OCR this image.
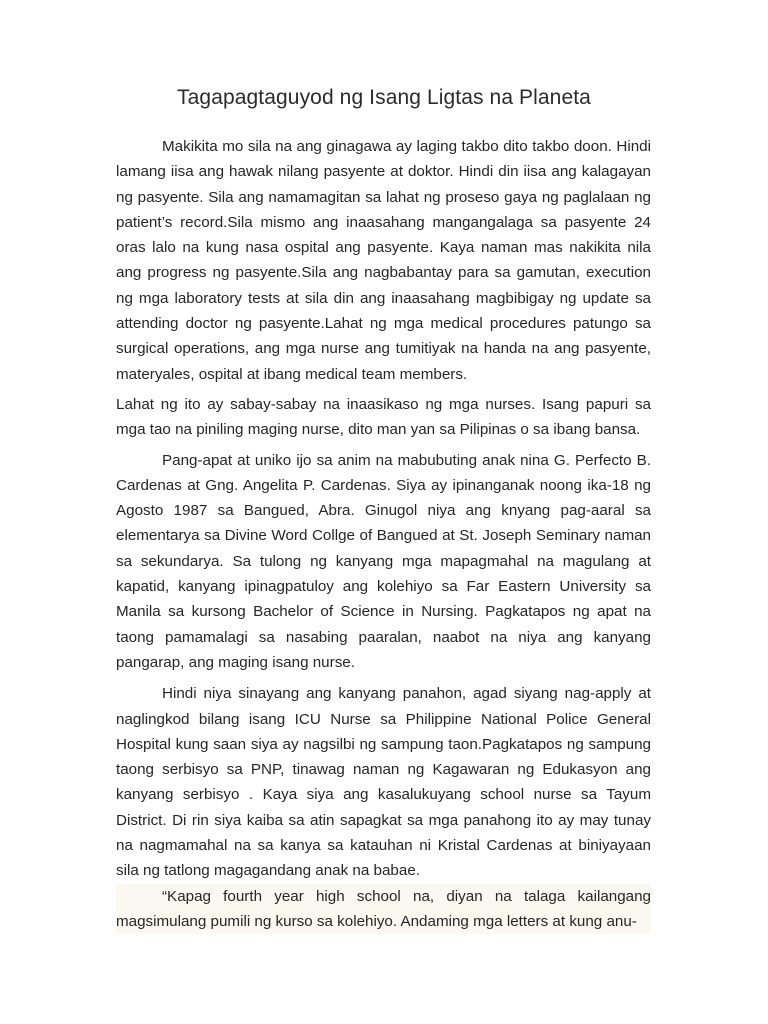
Tagapagtaguyod ng Isang Ligtas na Planeta

Makikita mo sila na ang ginagawa ay laging takbo dito takbo doon. Hindi lamang iisa ang hawak nilang pasyente at doktor. Hindi din iisa ang kalagayan ng pasyente. Sila ang namamagitan sa lahat ng proseso gaya ng paglalaan ng patient’s record.Sila mismo ang inaasahang mangangalaga sa pasyente 24 oras lalo na kung nasa ospital ang pasyente. Kaya naman mas nakikita nila ang progress ng pasyente.Sila ang nagbabantay para sa gamutan, execution ng mga laboratory tests at sila din ang inaasahang magbibigay ng update sa attending doctor ng pasyente.Lahat ng mga medical procedures patungo sa surgical operations, ang mga nurse ang tumitiyak na handa na ang pasyente, materyales, ospital at ibang medical team members.

Lahat ng ito ay sabay-sabay na inaasikaso ng mga nurses. Isang papuri sa mga tao na piniling maging nurse, dito man yan sa Pilipinas o sa ibang bansa.

Pang-apat at uniko ijo sa anim na mabubuting anak nina G. Perfecto B. Cardenas at Gng. Angelita P. Cardenas. Siya ay ipinanganak noong ika-18 ng Agosto 1987 sa Bangued, Abra. Ginugol niya ang knyang pag-aaral sa elementarya sa Divine Word Collge of Bangued at St. Joseph Seminary naman sa sekundarya. Sa tulong ng kanyang mga mapagmahal na magulang at kapatid, kanyang ipinagpatuloy ang kolehiyo sa Far Eastern University sa Manila sa kursong Bachelor of Science in Nursing. Pagkatapos ng apat na taong pamamalagi sa nasabing paaralan, naabot na niya ang kanyang pangarap, ang maging isang nurse.

Hindi niya sinayang ang kanyang panahon, agad siyang nag-apply at naglingkod bilang isang ICU Nurse sa Philippine National Police General Hospital kung saan siya ay nagsilbi ng sampung taon.Pagkatapos ng sampung taong serbisyo sa PNP, tinawag naman ng Kagawaran ng Edukasyon ang kanyang serbisyo . Kaya siya ang kasalukuyang school nurse sa Tayum District. Di rin siya kaiba sa atin sapagkat sa mga panahong ito ay may tunay na nagmamahal na sa kanya sa katauhan ni Kristal Cardenas at biniyayaan sila ng tatlong magagandang anak na babae.

“Kapag fourth year high school na, diyan na talaga kailangang magsimulang pumili ng kurso sa kolehiyo. Andaming mga letters at kung anu-
